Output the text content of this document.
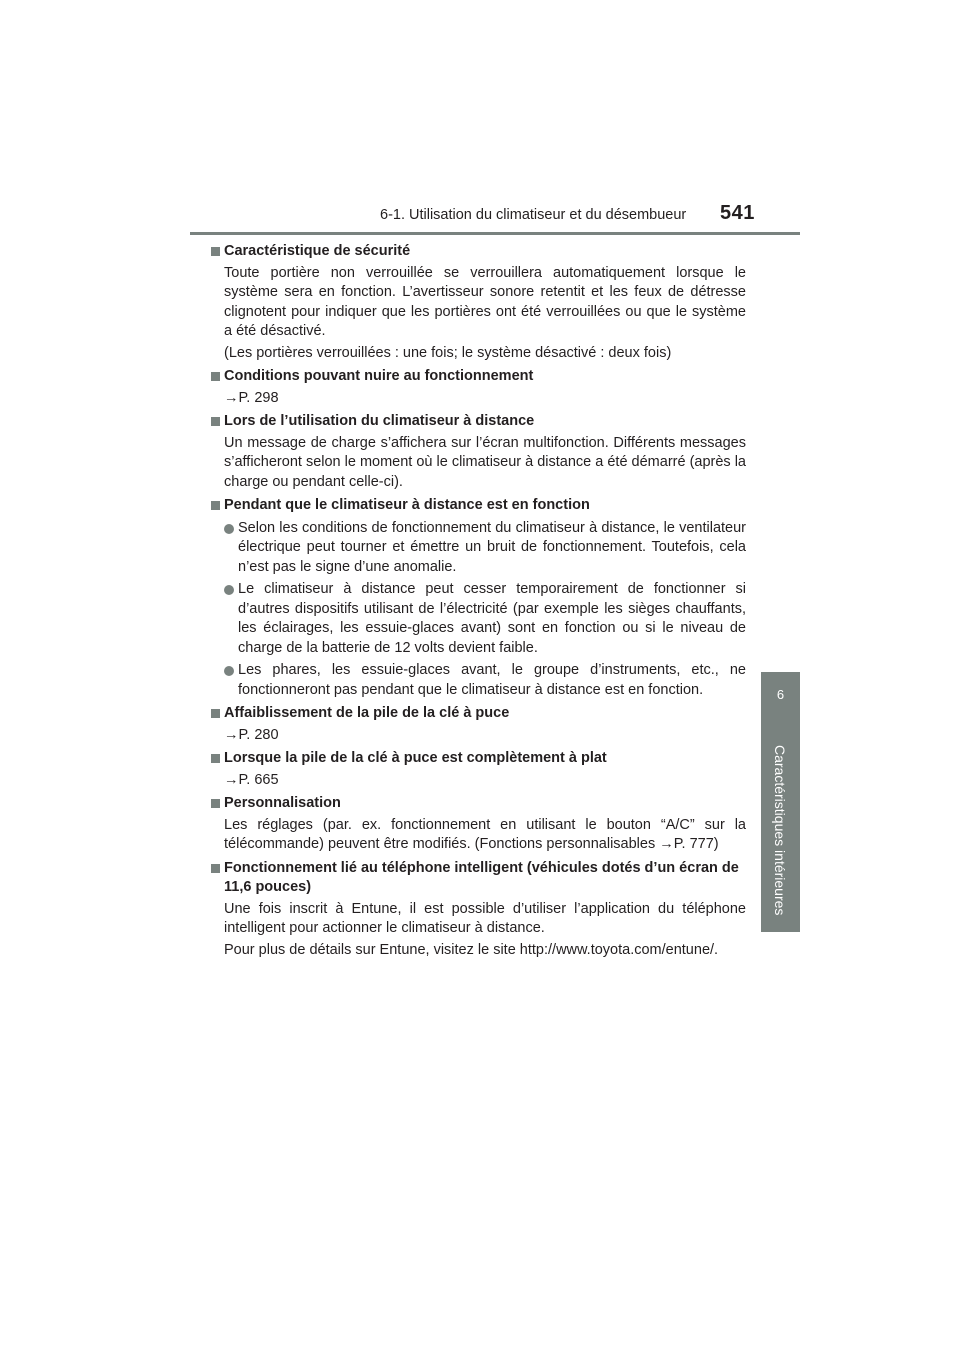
6-1. Utilisation du climatiseur et du désembueur 541
6
Caractéristiques intérieures
Caractéristique de sécurité
Toute portière non verrouillée se verrouillera automatiquement lorsque le système sera en fonction. L’avertisseur sonore retentit et les feux de détresse clignotent pour indiquer que les portières ont été verrouillées ou que le système a été désactivé.
(Les portières verrouillées : une fois; le système désactivé : deux fois)
Conditions pouvant nuire au fonctionnement
→P. 298
Lors de l’utilisation du climatiseur à distance
Un message de charge s’affichera sur l’écran multifonction. Différents messages s’afficheront selon le moment où le climatiseur à distance a été démarré (après la charge ou pendant celle-ci).
Pendant que le climatiseur à distance est en fonction
Selon les conditions de fonctionnement du climatiseur à distance, le ventilateur électrique peut tourner et émettre un bruit de fonctionnement. Toutefois, cela n’est pas le signe d’une anomalie.
Le climatiseur à distance peut cesser temporairement de fonctionner si d’autres dispositifs utilisant de l’électricité (par exemple les sièges chauffants, les éclairages, les essuie-glaces avant) sont en fonction ou si le niveau de charge de la batterie de 12 volts devient faible.
Les phares, les essuie-glaces avant, le groupe d’instruments, etc., ne fonctionneront pas pendant que le climatiseur à distance est en fonction.
Affaiblissement de la pile de la clé à puce
→P. 280
Lorsque la pile de la clé à puce est complètement à plat
→P. 665
Personnalisation
Les réglages (par. ex. fonctionnement en utilisant le bouton “A/C” sur la télécommande) peuvent être modifiés. (Fonctions personnalisables →P. 777)
Fonctionnement lié au téléphone intelligent (véhicules dotés d’un écran de 11,6 pouces)
Une fois inscrit à Entune, il est possible d’utiliser l’application du téléphone intelligent pour actionner le climatiseur à distance.
Pour plus de détails sur Entune, visitez le site http://www.toyota.com/entune/.
